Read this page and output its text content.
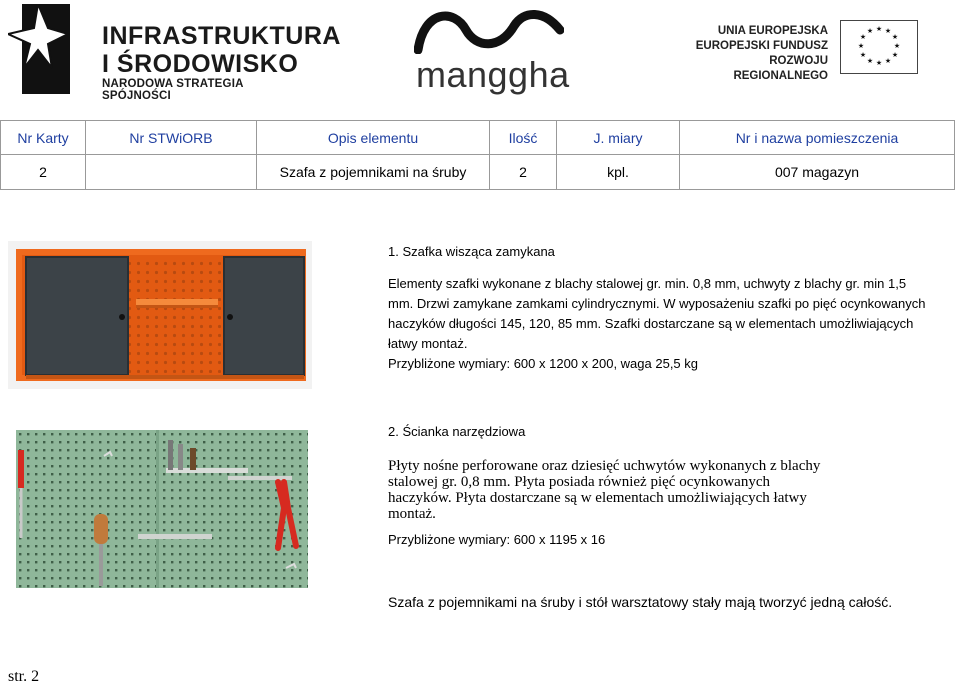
INFRASTRUKTURA
I ŚRODOWISKO
NARODOWA STRATEGIA SPÓJNOŚCI
manggha
UNIA EUROPEJSKA
EUROPEJSKI FUNDUSZ
ROZWOJU REGIONALNEGO
★ ★
★
★
★
★
★
★
★
★
★
★
Nr Karty	Nr STWiORB	Opis elementu	Ilość	J. miary	Nr i nazwa pomieszczenia
2		Szafa z pojemnikami na śruby	2	kpl.	007 magazyn
1. Szafka wisząca zamykana
Elementy szafki wykonane z blachy stalowej gr. min. 0,8 mm, uchwyty z blachy gr. min 1,5
mm. Drzwi zamykane zamkami cylindrycznymi. W wyposażeniu szafki po pięć ocynkowanych
haczyków długości 145, 120, 85 mm. Szafki dostarczane są w elementach umożliwiających
łatwy montaż.
Przybliżone wymiary: 600 x 1200 x 200, waga 25,5 kg
2. Ścianka narzędziowa
Płyty nośne perforowane oraz dziesięć uchwytów wykonanych z blachy
stalowej gr. 0,8 mm. Płyta posiada również pięć ocynkowanych
haczyków. Płyta dostarczane są w elementach umożliwiających łatwy
montaż.
Przybliżone wymiary: 600 x 1195 x 16
Szafa z pojemnikami na śruby i stół warsztatowy stały mają tworzyć jedną całość.
str. 2
